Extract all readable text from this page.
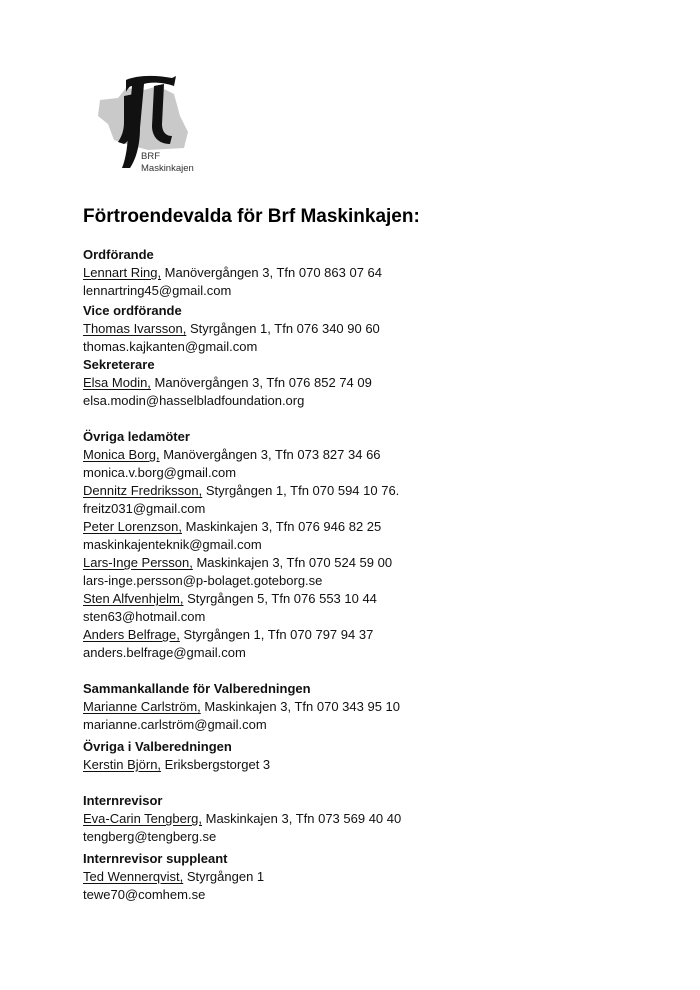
BRF
Maskinkajen
Förtroendevalda för Brf Maskinkajen:
Ordförande
Lennart Ring, Manövergången 3, Tfn 070 863 07 64
lennartring45@gmail.com
Vice ordförande
Thomas Ivarsson, Styrgången 1, Tfn 076 340 90 60
thomas.kajkanten@gmail.com
Sekreterare
Elsa Modin, Manövergången 3, Tfn 076 852 74 09
elsa.modin@hasselbladfoundation.org
Övriga ledamöter
Monica Borg, Manövergången 3, Tfn 073 827 34 66
monica.v.borg@gmail.com
Dennitz Fredriksson, Styrgången 1, Tfn 070 594 10 76.
freitz031@gmail.com
Peter Lorenzson, Maskinkajen 3, Tfn 076 946 82 25
maskinkajenteknik@gmail.com
Lars-Inge Persson, Maskinkajen 3, Tfn 070 524 59 00
lars-inge.persson@p-bolaget.goteborg.se
Sten Alfvenhjelm, Styrgången 5, Tfn 076 553 10 44
sten63@hotmail.com
Anders Belfrage, Styrgången 1, Tfn 070 797 94 37
anders.belfrage@gmail.com
Sammankallande för Valberedningen
Marianne Carlström, Maskinkajen 3, Tfn 070 343 95 10
marianne.carlström@gmail.com
Övriga i Valberedningen
Kerstin Björn, Eriksbergstorget 3
Internrevisor
Eva-Carin Tengberg, Maskinkajen 3, Tfn 073 569 40 40
tengberg@tengberg.se
Internrevisor suppleant
Ted Wennerqvist, Styrgången 1
tewe70@comhem.se
